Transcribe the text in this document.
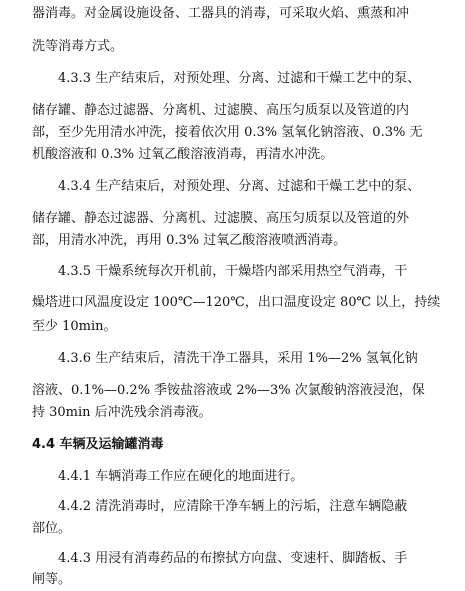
器消毒。对金属设施设备、工器具的消毒，可采取火焰、熏蒸和冲
洗等消毒方式。
4.3.3 生产结束后，对预处理、分离、过滤和干燥工艺中的泵、
储存罐、静态过滤器、分离机、过滤膜、高压匀质泵以及管道的内
部，至少先用清水冲洗，接着依次用 0.3% 氢氧化钠溶液、0.3% 无
机酸溶液和 0.3% 过氧乙酸溶液消毒，再清水冲洗。
4.3.4 生产结束后，对预处理、分离、过滤和干燥工艺中的泵、
储存罐、静态过滤器、分离机、过滤膜、高压匀质泵以及管道的外
部，用清水冲洗，再用 0.3% 过氧乙酸溶液喷洒消毒。
4.3.5 干燥系统每次开机前，干燥塔内部采用热空气消毒，干
燥塔进口风温度设定 100℃—120℃，出口温度设定 80℃ 以上，持续
至少 10min。
4.3.6 生产结束后，清洗干净工器具，采用 1%—2% 氢氧化钠
溶液、0.1%—0.2% 季铵盐溶液或 2%—3% 次氯酸钠溶液浸泡，保
持 30min 后冲洗残余消毒液。
4.4 车辆及运输罐消毒
4.4.1 车辆消毒工作应在硬化的地面进行。
4.4.2 清洗消毒时，应清除干净车辆上的污垢，注意车辆隐蔽
部位。
4.4.3 用浸有消毒药品的布擦拭方向盘、变速杆、脚踏板、手
闸等。
